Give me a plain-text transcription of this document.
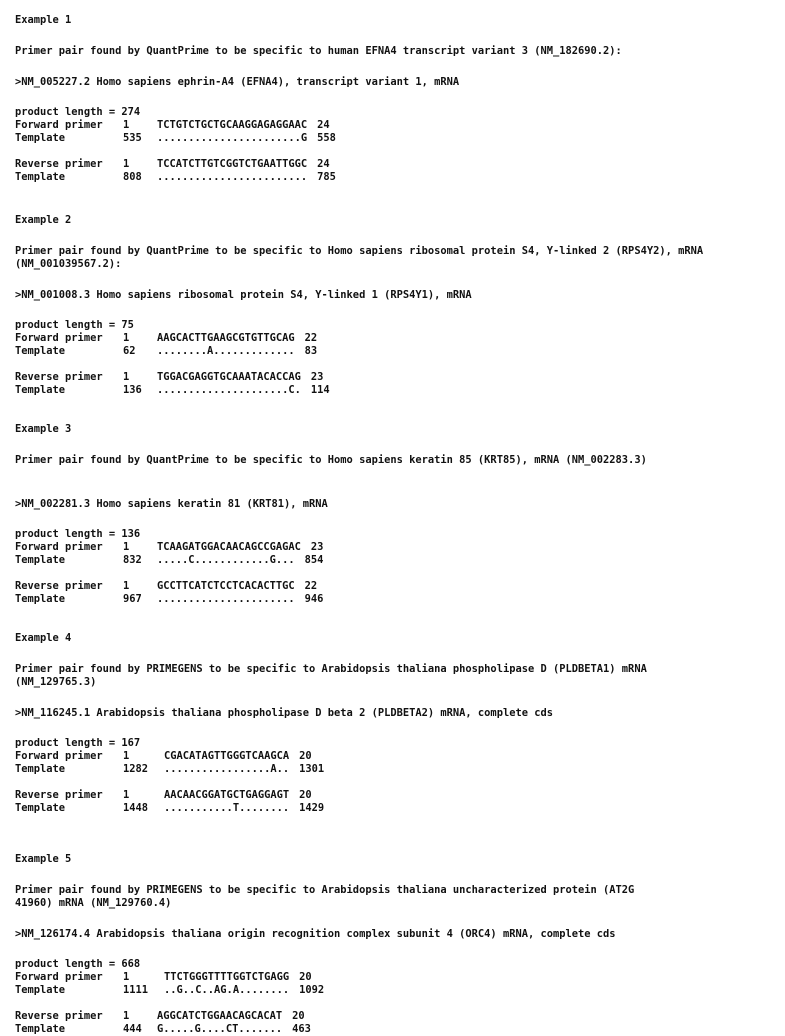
Example 1
Primer pair found by QuantPrime to be specific to human EFNA4 transcript variant 3 (NM_182690.2):
>NM_005227.2 Homo sapiens ephrin-A4 (EFNA4), transcript variant 1, mRNA
product length = 274
Forward primer 1	TCTGTCTGCTGCAAGGAGAGGAAC 24
Template	535 .......................G 558
Reverse primer 1	TCCATCTTGTCGGTCTGAATTGGC 24
Template	808 ........................ 785
Example 2
Primer pair found by QuantPrime to be specific to Homo sapiens ribosomal protein S4, Y-linked 2 (RPS4Y2), mRNA
(NM_001039567.2):
>NM_001008.3 Homo sapiens ribosomal protein S4, Y-linked 1 (RPS4Y1), mRNA
product length = 75
Forward primer 1	AAGCACTTGAAGCGTGTTGCAG 22
Template	62 ........A............. 83
Reverse primer 1	TGGACGAGGTGCAAATACACCAG 23
Template	136 .....................C. 114
Example 3
Primer pair found by QuantPrime to be specific to Homo sapiens keratin 85 (KRT85), mRNA (NM_002283.3)
>NM_002281.3 Homo sapiens keratin 81 (KRT81), mRNA
product length = 136
Forward primer 1	TCAAGATGGACAACAGCCGAGAC 23
Template	832 .....C............G... 854
Reverse primer 1	GCCTTCATCTCCTCACACTTGC 22
Template	967 ...................... 946
Example 4
Primer pair found by PRIMEGENS to be specific to Arabidopsis thaliana phospholipase D (PLDBETA1) mRNA
(NM_129765.3)
>NM_116245.1 Arabidopsis thaliana phospholipase D beta 2 (PLDBETA2) mRNA, complete cds
product length = 167
Forward primer 1	CGACATAGTTGGGTCAAGCA 20
Template	1282 .................A.. 1301
Reverse primer 1	AACAACGGATGCTGAGGAGT 20
Template	1448 ...........T........ 1429
Example 5
Primer pair found by PRIMEGENS to be specific to Arabidopsis thaliana uncharacterized protein (AT2G
41960) mRNA (NM_129760.4)
>NM_126174.4 Arabidopsis thaliana origin recognition complex subunit 4 (ORC4) mRNA, complete cds
product length = 668
Forward primer 1	TTCTGGGTTTTGGTCTGAGG 20
Template	1111 ..G..C..AG.A........ 1092
Reverse primer 1	AGGCATCTGGAACAGCACAT 20
Template	444 G.....G....CT....... 463
